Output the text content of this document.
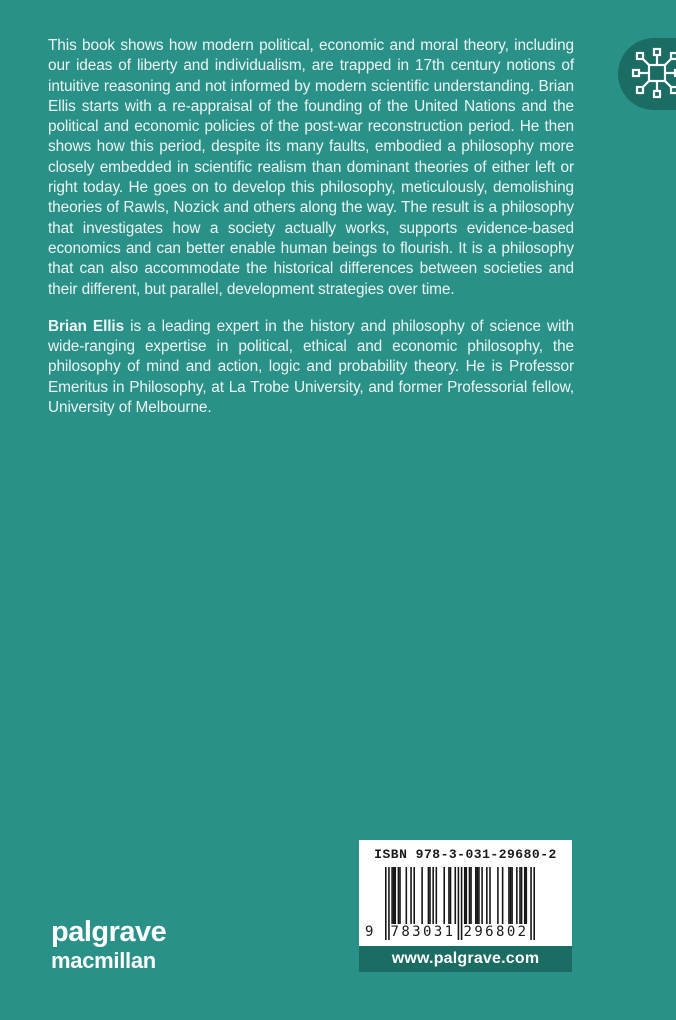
This book shows how modern political, economic and moral theory, including our ideas of liberty and individualism, are trapped in 17th century notions of intuitive reasoning and not informed by modern scientific understanding. Brian Ellis starts with a re-appraisal of the founding of the United Nations and the political and economic policies of the post-war reconstruction period. He then shows how this period, despite its many faults, embodied a philosophy more closely embedded in scientific realism than dominant theories of either left or right today. He goes on to develop this philosophy, meticulously, demolishing theories of Rawls, Nozick and others along the way. The result is a philosophy that investigates how a society actually works, supports evidence-based economics and can better enable human beings to flourish. It is a philosophy that can also accommodate the historical differences between societies and their different, but parallel, development strategies over time.

Brian Ellis is a leading expert in the history and philosophy of science with wide-ranging expertise in political, ethical and economic philosophy, the philosophy of mind and action, logic and probability theory. He is Professor Emeritus in Philosophy, at La Trobe University, and former Professorial fellow, University of Melbourne.

ISBN 978-3-031-29680-2
9 783031 296802
www.palgrave.com
palgrave
macmillan
